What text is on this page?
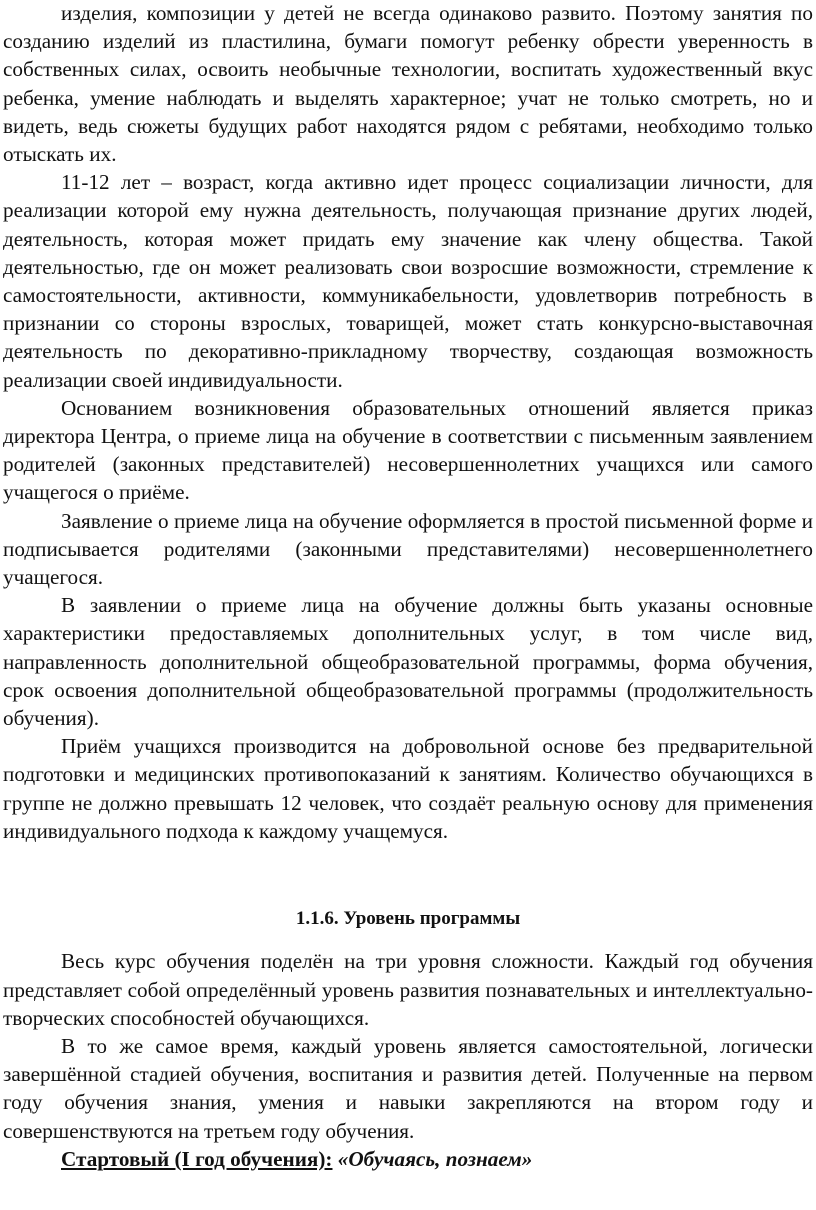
изделия, композиции у детей не всегда одинаково развито. Поэтому занятия по созданию изделий из пластилина, бумаги помогут ребенку обрести уверенность в собственных силах, освоить необычные технологии, воспитать художественный вкус ребенка, умение наблюдать и выделять характерное; учат не только смотреть, но и видеть, ведь сюжеты будущих работ находятся рядом с ребятами, необходимо только отыскать их.

11-12 лет – возраст, когда активно идет процесс социализации личности, для реализации которой ему нужна деятельность, получающая признание других людей, деятельность, которая может придать ему значение как члену общества. Такой деятельностью, где он может реализовать свои возросшие возможности, стремление к самостоятельности, активности, коммуникабельности, удовлетворив потребность в признании со стороны взрослых, товарищей, может стать конкурсно-выставочная деятельность по декоративно-прикладному творчеству, создающая возможность реализации своей индивидуальности.

Основанием возникновения образовательных отношений является приказ директора Центра, о приеме лица на обучение в соответствии с письменным заявлением родителей (законных представителей) несовершеннолетних учащихся или самого учащегося о приёме.

Заявление о приеме лица на обучение оформляется в простой письменной форме и подписывается родителями (законными представителями) несовершеннолетнего учащегося.

В заявлении о приеме лица на обучение должны быть указаны основные характеристики предоставляемых дополнительных услуг, в том числе вид, направленность дополнительной общеобразовательной программы, форма обучения, срок освоения дополнительной общеобразовательной программы (продолжительность обучения).

Приём учащихся производится на добровольной основе без предварительной подготовки и медицинских противопоказаний к занятиям. Количество обучающихся в группе не должно превышать 12 человек, что создаёт реальную основу для применения индивидуального подхода к каждому учащемуся.

1.1.6. Уровень программы

Весь курс обучения поделён на три уровня сложности. Каждый год обучения представляет собой определённый уровень развития познавательных и интеллектуально-творческих способностей обучающихся.

В то же самое время, каждый уровень является самостоятельной, логически завершённой стадией обучения, воспитания и развития детей. Полученные на первом году обучения знания, умения и навыки закрепляются на втором году и совершенствуются на третьем году обучения.

Стартовый (I год обучения): «Обучаясь, познаем»
